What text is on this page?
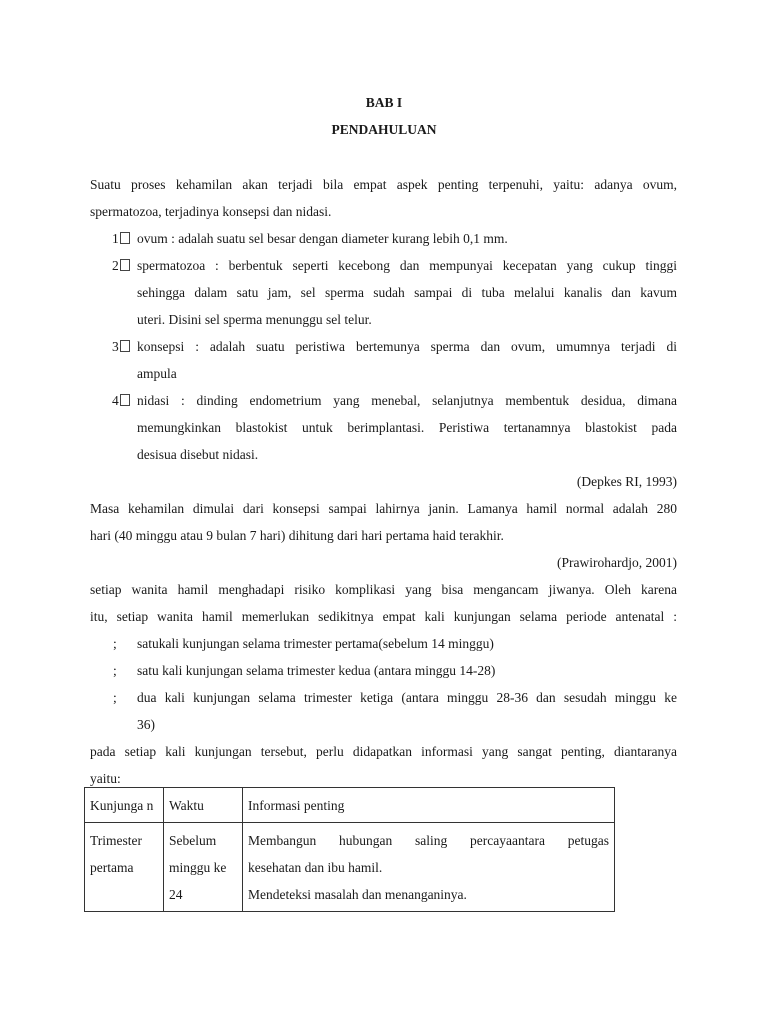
BAB I
PENDAHULUAN
Suatu proses kehamilan akan terjadi bila empat aspek penting terpenuhi, yaitu: adanya ovum,
spermatozoa, terjadinya konsepsi dan nidasi.
1	ovum : adalah suatu sel besar dengan diameter kurang lebih 0,1 mm.
2	spermatozoa : berbentuk seperti kecebong dan mempunyai kecepatan yang cukup tinggi
sehingga dalam satu jam, sel sperma sudah sampai di tuba melalui kanalis dan kavum
uteri. Disini sel sperma menunggu sel telur.
3	konsepsi : adalah suatu peristiwa bertemunya sperma dan ovum, umumnya terjadi di
ampula
4	nidasi : dinding endometrium yang menebal, selanjutnya membentuk desidua, dimana
memungkinkan blastokist untuk berimplantasi. Peristiwa tertanamnya blastokist pada
desisua disebut nidasi.
(Depkes RI, 1993)
Masa kehamilan dimulai dari konsepsi sampai lahirnya janin. Lamanya hamil normal adalah 280
hari (40 minggu atau 9 bulan 7 hari) dihitung dari hari pertama haid terakhir.
(Prawirohardjo, 2001)
setiap wanita hamil menghadapi risiko komplikasi yang bisa mengancam jiwanya. Oleh karena
itu, setiap wanita hamil memerlukan sedikitnya empat kali kunjungan selama periode antenatal :
; satukali kunjungan selama trimester pertama(sebelum 14 minggu)
; satu kali kunjungan selama trimester kedua (antara minggu 14-28)
; dua kali kunjungan selama trimester ketiga (antara minggu 28-36 dan sesudah minggu ke
36)
pada setiap kali kunjungan tersebut, perlu didapatkan informasi yang sangat penting, diantaranya
yaitu:
Kunjunga n	Waktu	Informasi penting
Trimester pertama	Sebelum minggu ke 24	Membangun hubungan saling percayaantara petugas
kesehatan dan ibu hamil.
Mendeteksi masalah dan menanganinya.
